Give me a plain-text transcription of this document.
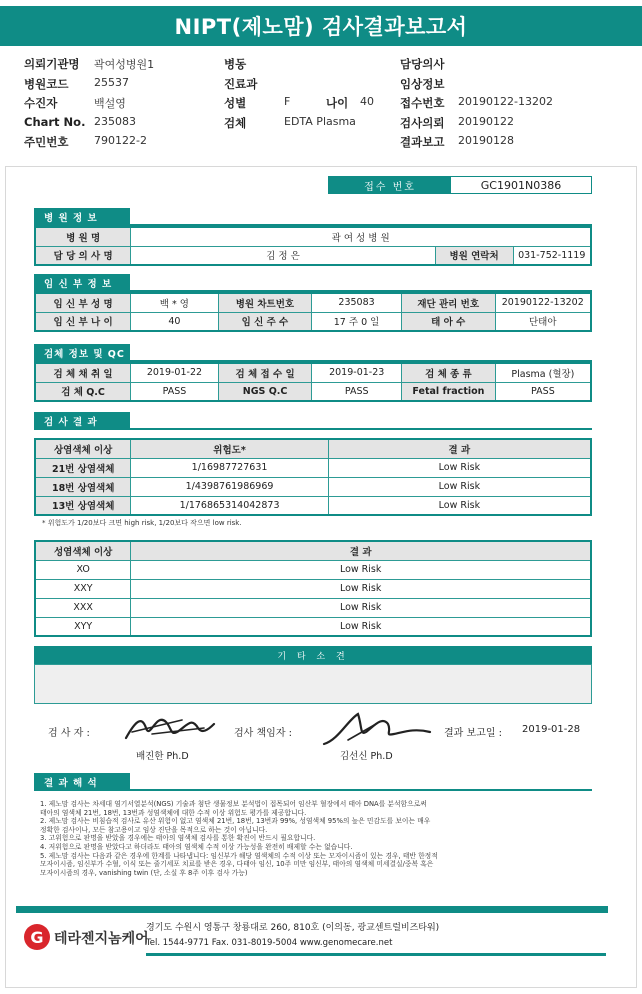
NIPT(제노맘) 검사결과보고서
의뢰기관명 곽여성병원1	병동	담당의사
병원코드 25537	진료과	임상정보
수진자	백설영	성별	F	나이 40 접수번호 20190122-13202
Chart No. 235083	검체	EDTA Plasma	검사의뢰 20190122
주민번호 790122-2	결과보고 20190128
접수 번호	GC1901N0386
병 원 정 보
병 원 명	곽 여 성 병 원		
담 당 의 사 명	김 정 은	병원 연락처	031-752-1119
임 신 부 정 보
임 신 부 성 명	백 * 영	병원 차트번호	235083	재단 관리 번호	20190122-13202
임 신 부 나 이	40	임 신 주 수	17 주 0 일	태 아 수	단태아
검체 정보 및 QC
검 체 채 취 일	2019-01-22	검 체 접 수 일	2019-01-23	검 체 종 류	Plasma (혈장)
검 체 Q.C	PASS	NGS Q.C	PASS	Fetal fraction	PASS
검 사 결 과
상염색체 이상	위험도*	결 과
21번 상염색체	1/16987727631	Low Risk
18번 상염색체	1/4398761986969	Low Risk
13번 상염색체	1/176865314042873	Low Risk
* 위험도가 1/20보다 크면 high risk, 1/20보다 작으면 low risk.
성염색체 이상	결 과
XO	Low Risk
XXY	Low Risk
XXX	Low Risk
XYY	Low Risk
기 타 소 견
검 사 자 :
배진한 Ph.D
검사 책임자 :
김선신 Ph.D
결과 보고일 : 2019-01-28
결 과 해 석
1. 제노맘 검사는 차세대 염기서열분석(NGS) 기술과 첨단 생물정보 분석법이 접목되어 임산부 혈장에서 태아 DNA를 분석함으로써
태아의 염색체 21번, 18번, 13번과 성염색체에 대한 수적 이상 위험도 평가를 제공합니다.
2. 제노맘 검사는 비침습적 검사로 유산 위험이 없고 염색체 21번, 18번, 13번과 99%, 성염색체 95%의 높은 민감도를 보이는 매우
정확한 검사이나, 모든 참고용이고 임상 진단을 목적으로 하는 것이 아닙니다.
3. 고위험으로 판명을 받았을 경우에는 태아의 염색체 검사를 통한 확진이 반드시 필요합니다.
4. 저위험으로 판명을 받았다고 하더라도 태아의 염색체 수적 이상 가능성을 완전히 배제할 수는 없습니다.
5. 제노맘 검사는 다음과 같은 경우에 한계를 나타냅니다: 임신부가 해당 염색체의 수적 이상 또는 모자이시즘이 있는 경우, 태반 한정적
모자이시즘, 임신부가 수혈, 이식 또는 줄기세포 치료를 받은 경우, 다태아 임신, 10주 미만 임신부, 태아의 염색체 미세결실/중복 혹은
모자이시즘의 경우, vanishing twin (단, 소실 후 8주 이후 검사 가능)
G 테라젠지놈케어
경기도 수원시 영통구 창룡대로 260, 810호 (이의동, 광교센트럴비즈타워)
Tel. 1544-9771 Fax. 031-8019-5004 www.genomecare.net
